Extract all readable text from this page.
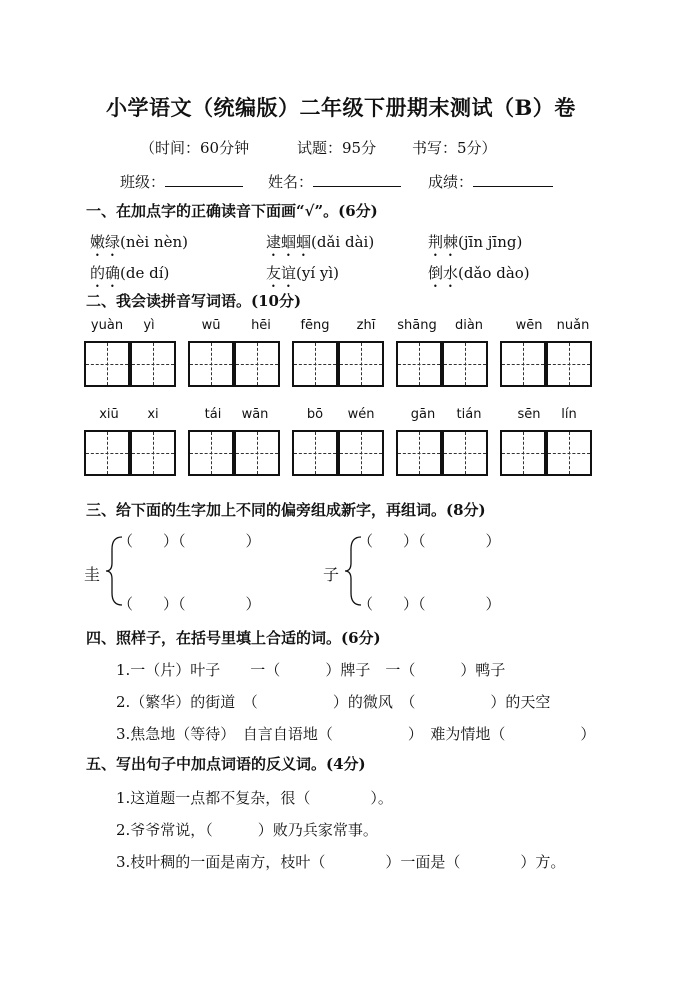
小学语文（统编版）二年级下册期末测试（B）卷
（时间：60分钟	试题：95分 书写：5分）
班级：	姓名：	成绩：
一、在加点字的正确读音下面画“√”。(6分)
嫩绿(nèi nèn)	逮蝈蝈(dǎi dài)	荆棘(jīn jīng)
的确(de dí)	友谊(yí yì)	倒水(dǎo dào)
二、我会读拼音写词语。(10分)
yuàn	yì	wū	hēi	fēng	zhī	shāng	diàn	wēn	nuǎn
xiū	xi	tái	wān	bō	wén	gān	tián	sēn	lín
三、给下面的生字加上不同的偏旁组成新字，再组词。(8分)
圭
（　　）（　　　　）
（　　）（　　　　）
子
（　　）（　　　　）
（　　）（　　　　）
四、照样子，在括号里填上合适的词。(6分)
1.一（片）叶子　　一（　　　）牌子　一（　　　）鸭子
2.（繁华）的街道　（　　　　　）的微风　（　　　　　）的天空
3.焦急地（等待）　自言自语地（　　　　　）　难为情地（　　　　　）
五、写出句子中加点词语的反义词。(4分)
1.这道题一点都不复杂，很（　　　　）。
2.爷爷常说，（　　　）败乃兵家常事。
3.枝叶稠的一面是南方，枝叶（　　　　）一面是（　　　　）方。
